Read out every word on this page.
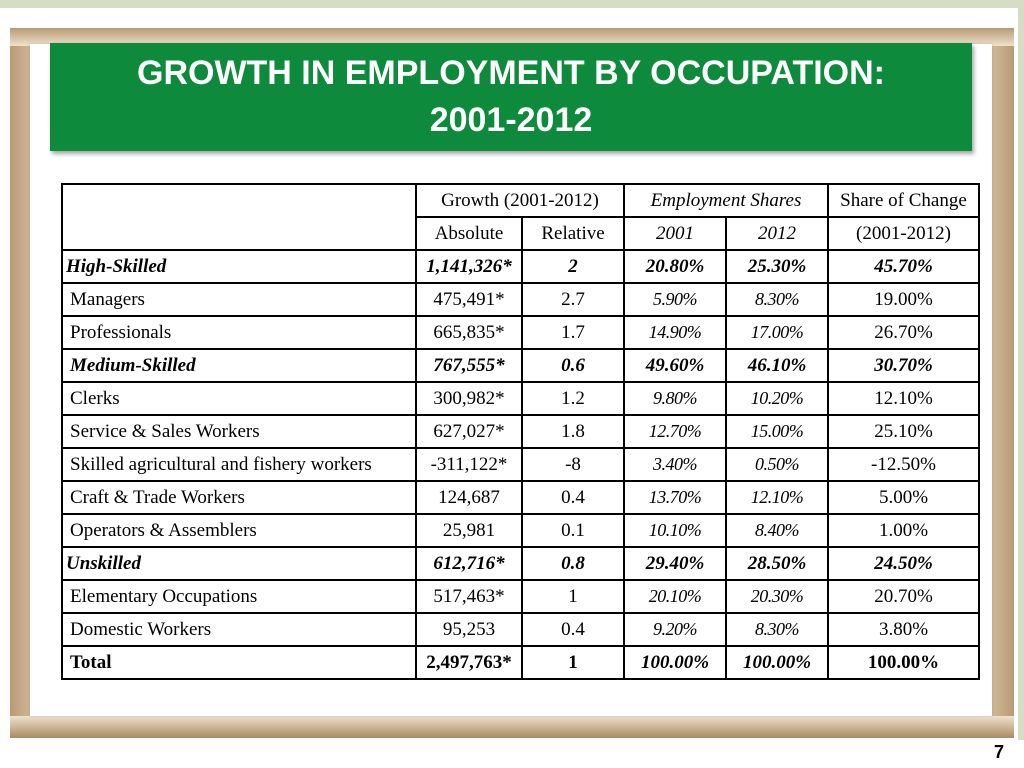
GROWTH IN EMPLOYMENT BY OCCUPATION:
2001-2012
	Growth (2001-2012)		Employment Shares		Share of Change
	Absolute	Relative	2001	2012	(2001-2012)
High-Skilled	1,141,326*	2	20.80%	25.30%	45.70%
Managers	475,491*	2.7	5.90%	8.30%	19.00%
Professionals	665,835*	1.7	14.90%	17.00%	26.70%
Medium-Skilled	767,555*	0.6	49.60%	46.10%	30.70%
Clerks	300,982*	1.2	9.80%	10.20%	12.10%
Service & Sales Workers	627,027*	1.8	12.70%	15.00%	25.10%
Skilled agricultural and fishery workers	-311,122*	-8	3.40%	0.50%	-12.50%
Craft & Trade Workers	124,687	0.4	13.70%	12.10%	5.00%
Operators & Assemblers	25,981	0.1	10.10%	8.40%	1.00%
Unskilled	612,716*	0.8	29.40%	28.50%	24.50%
Elementary Occupations	517,463*	1	20.10%	20.30%	20.70%
Domestic Workers	95,253	0.4	9.20%	8.30%	3.80%
Total	2,497,763*	1	100.00%	100.00%	100.00%
7
